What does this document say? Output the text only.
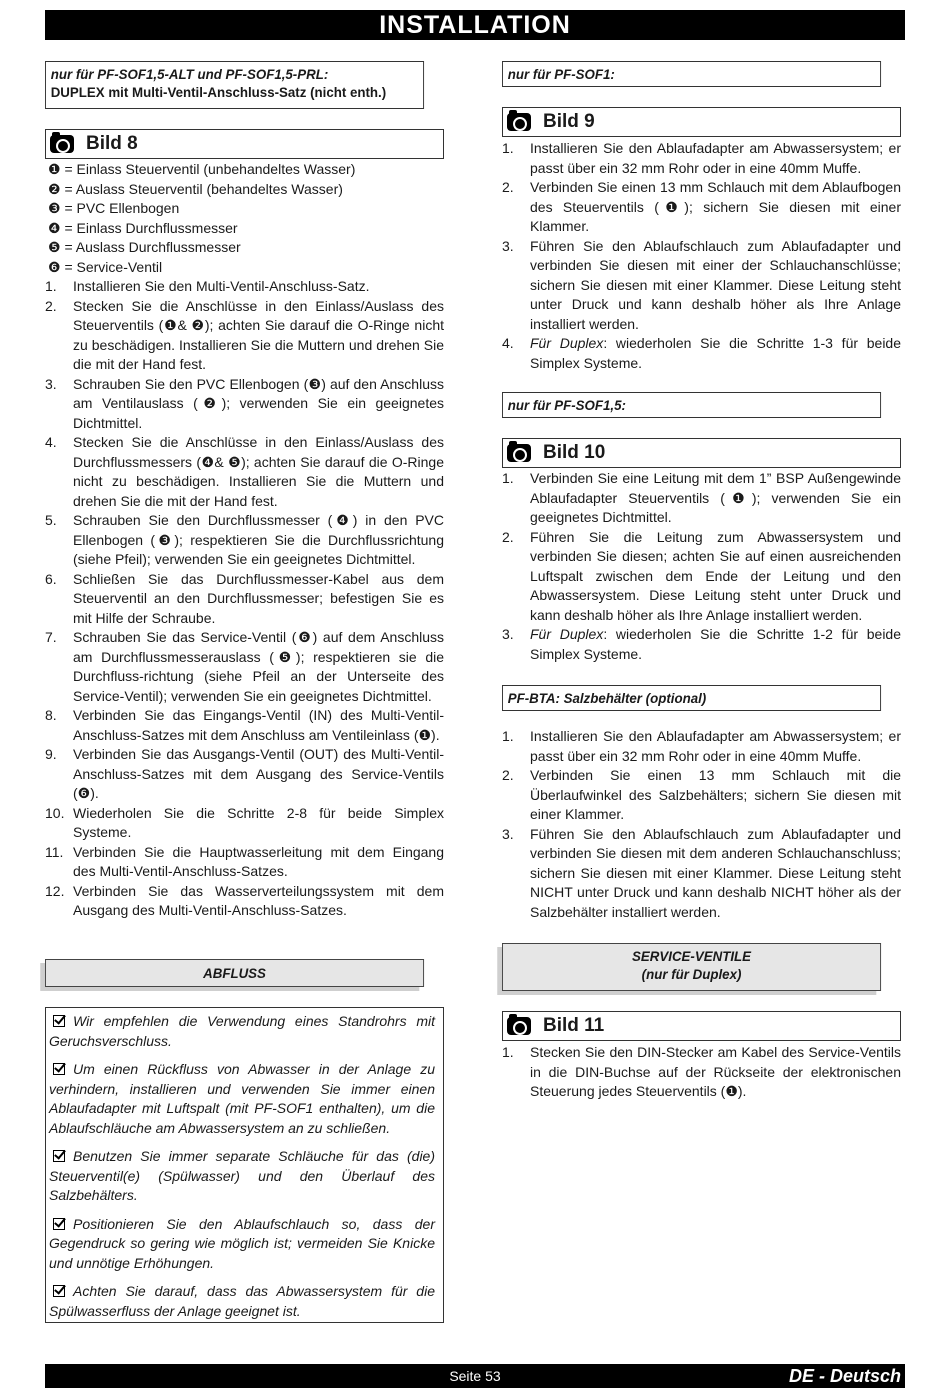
INSTALLATION
nur für PF-SOF1,5-ALT und PF-SOF1,5-PRL:
DUPLEX mit Multi-Ventil-Anschluss-Satz (nicht enth.)
Bild 8
❶ = Einlass Steuerventil (unbehandeltes Wasser)
❷ = Auslass Steuerventil (behandeltes Wasser)
❸ = PVC Ellenbogen
❹ = Einlass Durchflussmesser
❺ = Auslass Durchflussmesser
❻ = Service-Ventil
1. Installieren Sie den Multi-Ventil-Anschluss-Satz.
2. Stecken Sie die Anschlüsse in den Einlass/Auslass des Steuerventils (❶& ❷); achten Sie darauf die O-Ringe nicht zu beschädigen. Installieren Sie die Muttern und drehen Sie die mit der Hand fest.
3. Schrauben Sie den PVC Ellenbogen (❸) auf den Anschluss am Ventilauslass (❷); verwenden Sie ein geeignetes Dichtmittel.
4. Stecken Sie die Anschlüsse in den Einlass/Auslass des Durchflussmessers (❹& ❺); achten Sie darauf die O-Ringe nicht zu beschädigen. Installieren Sie die Muttern und drehen Sie die mit der Hand fest.
5. Schrauben Sie den Durchflussmesser (❹) in den PVC Ellenbogen (❸); respektieren Sie die Durchflussrichtung (siehe Pfeil); verwenden Sie ein geeignetes Dichtmittel.
6. Schließen Sie das Durchflussmesser-Kabel aus dem Steuerventil an den Durchflussmesser; befestigen Sie es mit Hilfe der Schraube.
7. Schrauben Sie das Service-Ventil (❻) auf dem Anschluss am Durchflussmesserauslass (❺); respektieren sie die Durchfluss-richtung (siehe Pfeil an der Unterseite des Service-Ventil); verwenden Sie ein geeignetes Dichtmittel.
8. Verbinden Sie das Eingangs-Ventil (IN) des Multi-Ventil-Anschluss-Satzes mit dem Anschluss am Ventileinlass (❶).
9. Verbinden Sie das Ausgangs-Ventil (OUT) des Multi-Ventil-Anschluss-Satzes mit dem Ausgang des Service-Ventils (❻).
10. Wiederholen Sie die Schritte 2-8 für beide Simplex Systeme.
11. Verbinden Sie die Hauptwasserleitung mit dem Eingang des Multi-Ventil-Anschluss-Satzes.
12. Verbinden Sie das Wasserverteilungssystem mit dem Ausgang des Multi-Ventil-Anschluss-Satzes.
ABFLUSS
Wir empfehlen die Verwendung eines Standrohrs mit Geruchsverschluss.
Um einen Rückfluss von Abwasser in der Anlage zu verhindern, installieren und verwenden Sie immer einen Ablaufadapter mit Luftspalt (mit PF-SOF1 enthalten), um die Ablaufschläuche am Abwassersystem an zu schließen.
Benutzen Sie immer separate Schläuche für das (die) Steuerventil(e) (Spülwasser) und den Überlauf des Salzbehälters.
Positionieren Sie den Ablaufschlauch so, dass der Gegendruck so gering wie möglich ist; vermeiden Sie Knicke und unnötige Erhöhungen.
Achten Sie darauf, dass das Abwassersystem für die Spülwasserfluss der Anlage geeignet ist.
nur für PF-SOF1:
Bild 9
1. Installieren Sie den Ablaufadapter am Abwassersystem; er passt über ein 32 mm Rohr oder in eine 40mm Muffe.
2. Verbinden Sie einen 13 mm Schlauch mit dem Ablaufbogen des Steuerventils (❶); sichern Sie diesen mit einer Klammer.
3. Führen Sie den Ablaufschlauch zum Ablaufadapter und verbinden Sie diesen mit einer der Schlauchanschlüsse; sichern Sie diesen mit einer Klammer. Diese Leitung steht unter Druck und kann deshalb höher als Ihre Anlage installiert werden.
4. Für Duplex: wiederholen Sie die Schritte 1-3 für beide Simplex Systeme.
nur für PF-SOF1,5:
Bild 10
1. Verbinden Sie eine Leitung mit dem 1” BSP Außengewinde Ablaufadapter Steuerventils (❶); verwenden Sie ein geeignetes Dichtmittel.
2. Führen Sie die Leitung zum Abwassersystem und verbinden Sie diesen; achten Sie auf einen ausreichenden Luftspalt zwischen dem Ende der Leitung und den Abwassersystem. Diese Leitung steht unter Druck und kann deshalb höher als Ihre Anlage installiert werden.
3. Für Duplex: wiederholen Sie die Schritte 1-2 für beide Simplex Systeme.
PF-BTA: Salzbehälter (optional)
1. Installieren Sie den Ablaufadapter am Abwassersystem; er passt über ein 32 mm Rohr oder in eine 40mm Muffe.
2. Verbinden Sie einen 13 mm Schlauch mit die Überlaufwinkel des Salzbehälters; sichern Sie diesen mit einer Klammer.
3. Führen Sie den Ablaufschlauch zum Ablaufadapter und verbinden Sie diesen mit dem anderen Schlauchanschluss; sichern Sie diesen mit einer Klammer. Diese Leitung steht NICHT unter Druck und kann deshalb NICHT höher als der Salzbehälter installiert werden.
SERVICE-VENTILE
(nur für Duplex)
Bild 11
1. Stecken Sie den DIN-Stecker am Kabel des Service-Ventils in die DIN-Buchse auf der Rückseite der elektronischen Steuerung jedes Steuerventils (❶).
Seite 53	DE - Deutsch
